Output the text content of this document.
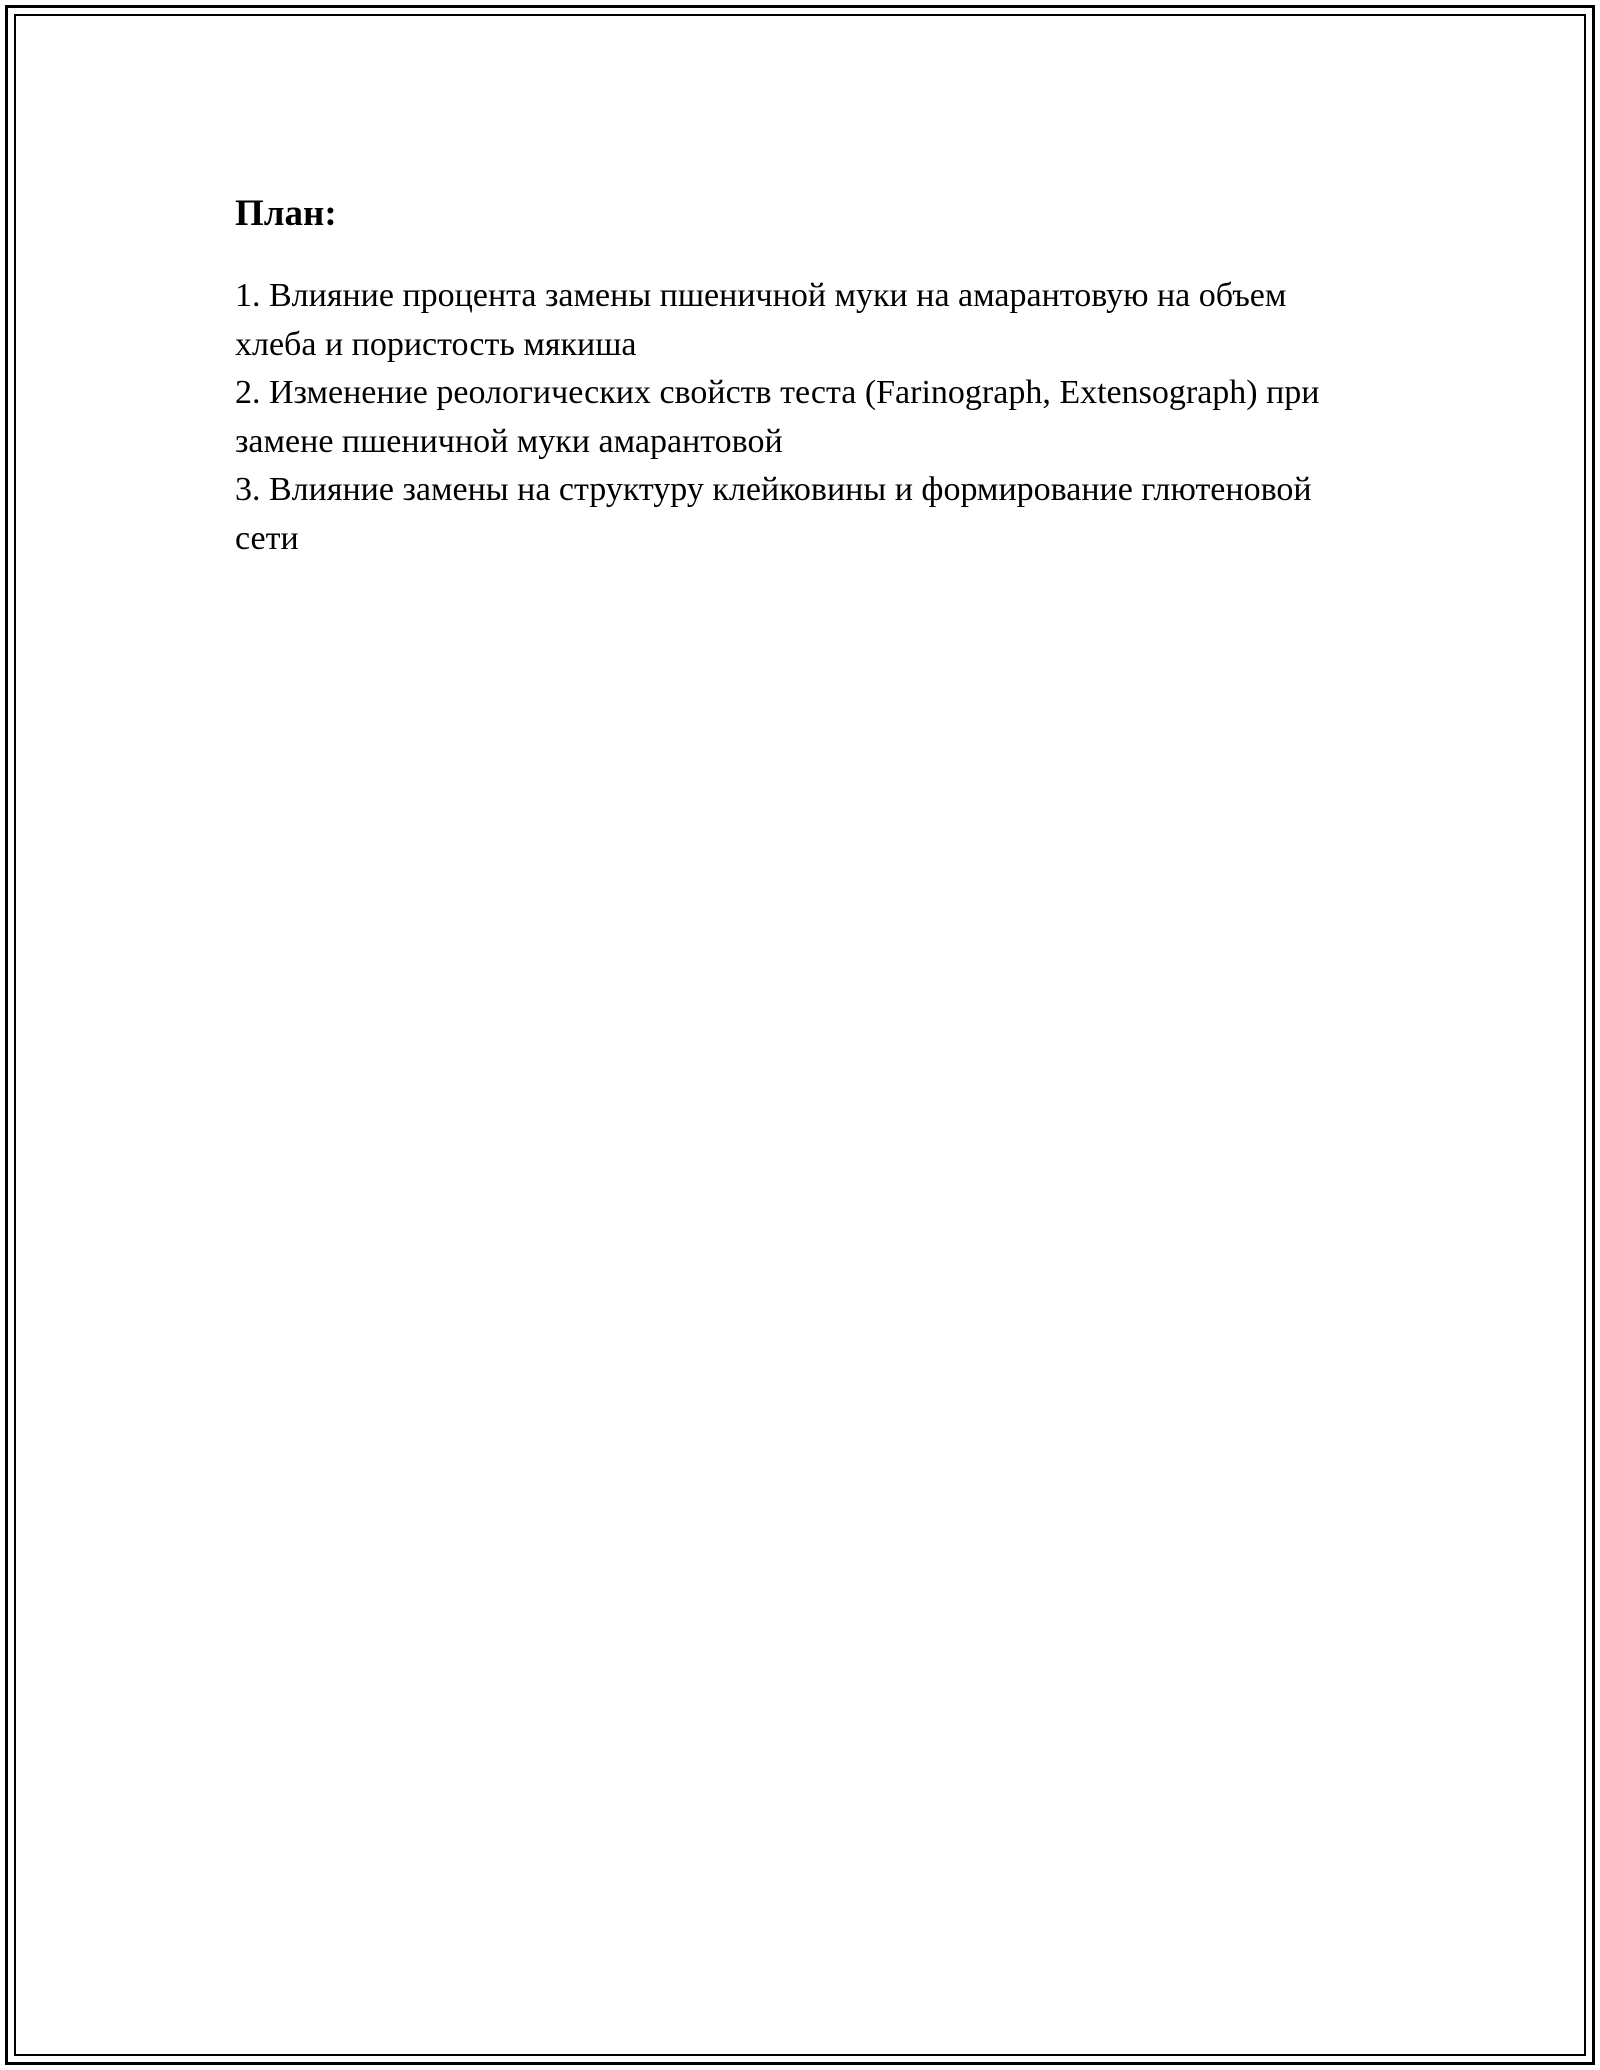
План:
1. Влияние процента замены пшеничной муки на амарантовую на объем хлеба и пористость мякиша
2. Изменение реологических свойств теста (Farinograph, Extensograph) при замене пшеничной муки амарантовой
3. Влияние замены на структуру клейковины и формирование глютеновой сети
